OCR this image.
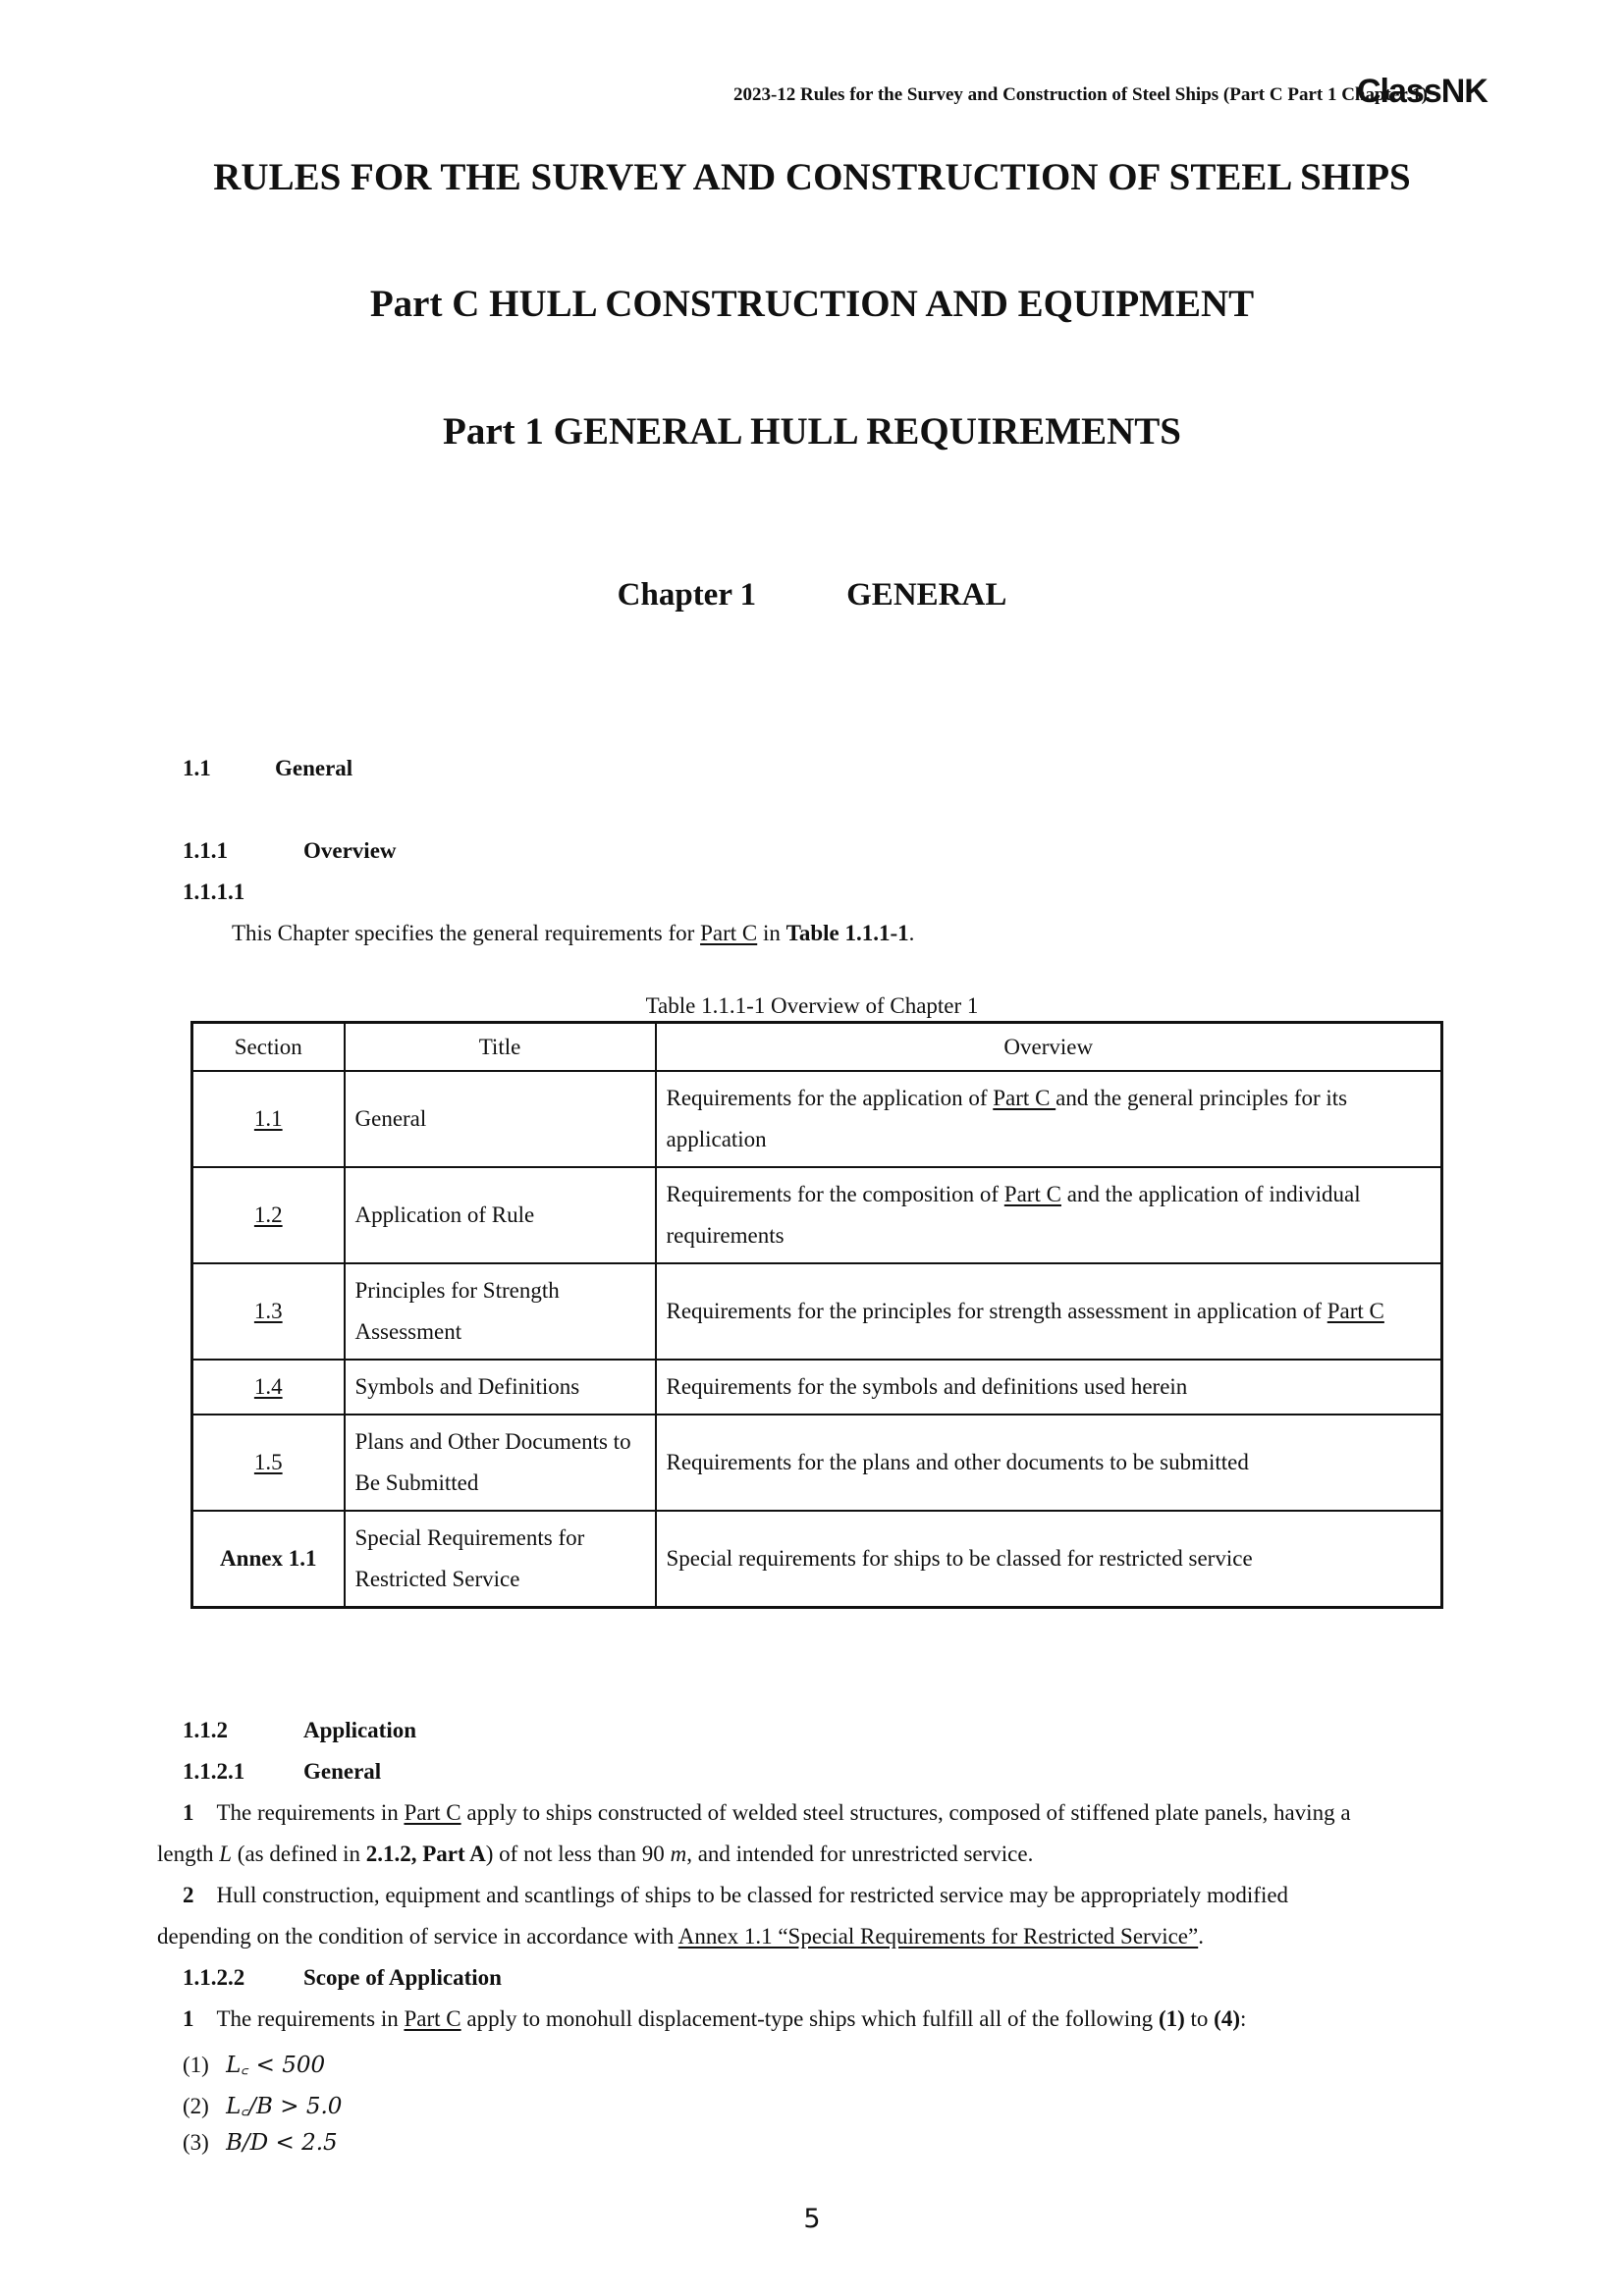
2023-12 Rules for the Survey and Construction of Steel Ships (Part C Part 1 Chapter 1)
ClassNK
RULES FOR THE SURVEY AND CONSTRUCTION OF STEEL SHIPS
Part C HULL CONSTRUCTION AND EQUIPMENT
Part 1 GENERAL HULL REQUIREMENTS
Chapter 1	GENERAL
1.1	General
1.1.1	Overview
1.1.1.1
This Chapter specifies the general requirements for Part C in Table 1.1.1-1.
Table 1.1.1-1 Overview of Chapter 1
Section	Title	Overview
1.1	General	Requirements for the application of Part C and the general principles for its application
1.2	Application of Rule	Requirements for the composition of Part C and the application of individual requirements
1.3	Principles for Strength Assessment	Requirements for the principles for strength assessment in application of Part C
1.4	Symbols and Definitions	Requirements for the symbols and definitions used herein
1.5	Plans and Other Documents to Be Submitted	Requirements for the plans and other documents to be submitted
Annex 1.1	Special Requirements for Restricted Service	Special requirements for ships to be classed for restricted service
1.1.2	Application
1.1.2.1	General
1 The requirements in Part C apply to ships constructed of welded steel structures, composed of stiffened plate panels, having a
length L (as defined in 2.1.2, Part A) of not less than 90 m, and intended for unrestricted service.
2 Hull construction, equipment and scantlings of ships to be classed for restricted service may be appropriately modified
depending on the condition of service in accordance with Annex 1.1 “Special Requirements for Restricted Service”.
1.1.2.2	Scope of Application
1 The requirements in Part C apply to monohull displacement-type ships which fulfill all of the following (1) to (4):
(1) L꜀ < 500
(2) L꜀/B > 5.0
(3) B/D < 2.5
5
